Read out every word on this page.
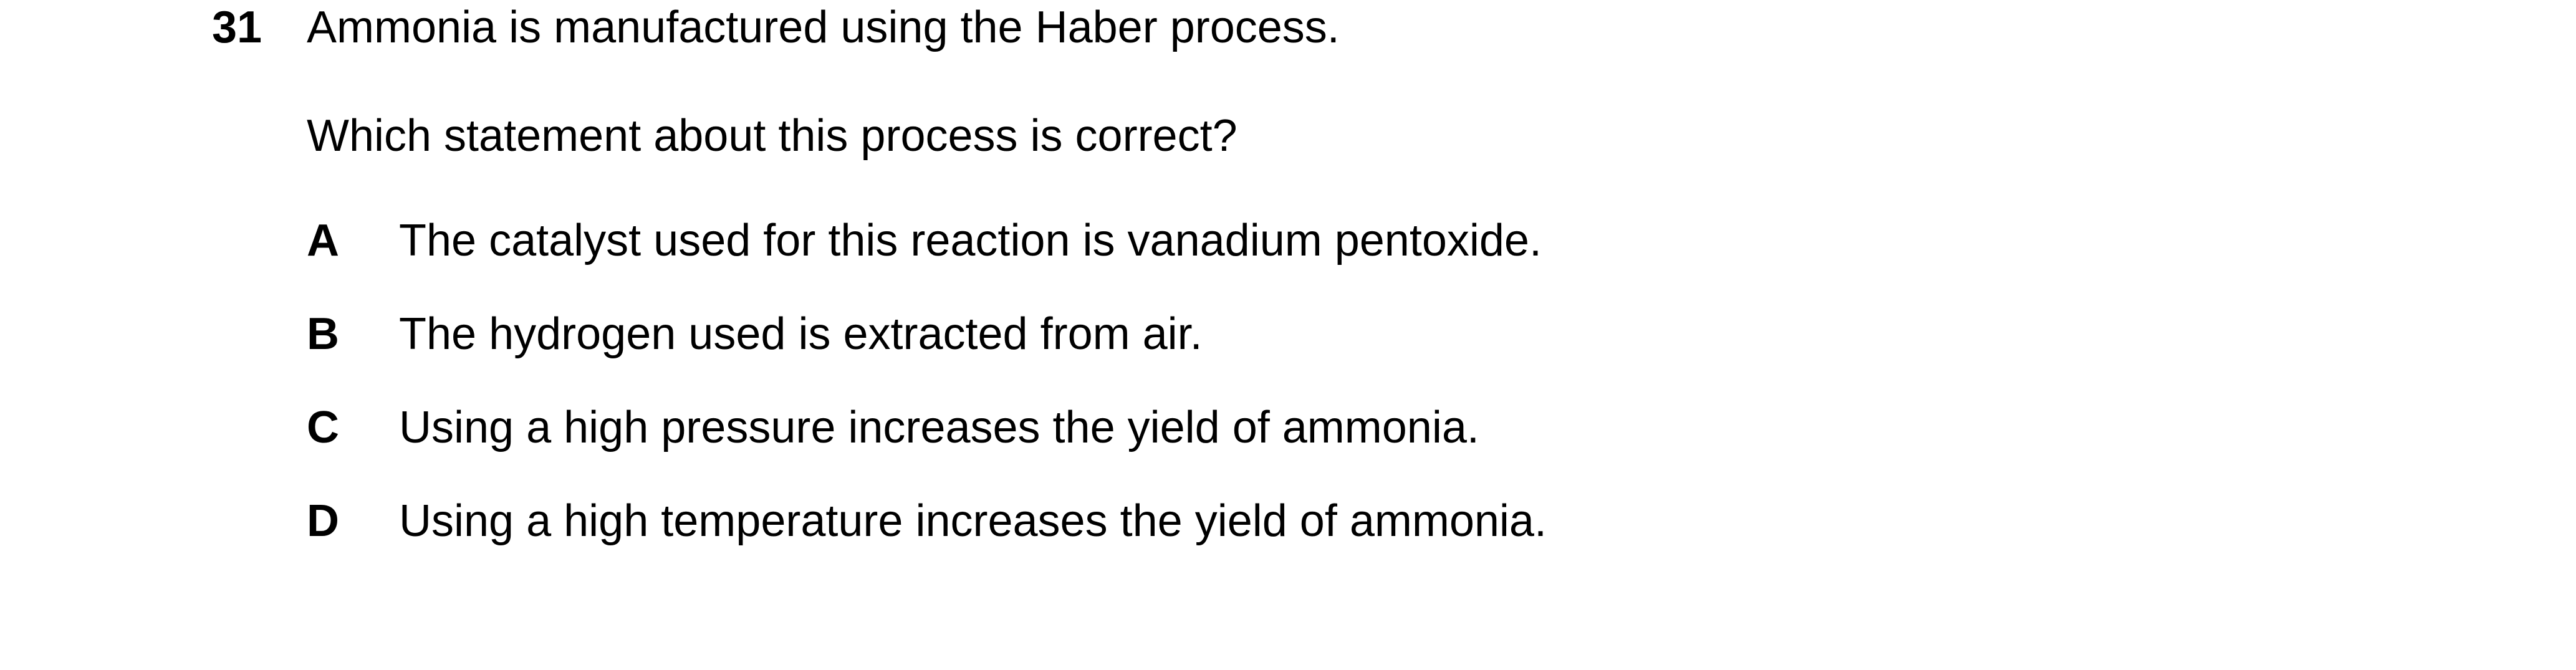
31 Ammonia is manufactured using the Haber process.
Which statement about this process is correct?
A	The catalyst used for this reaction is vanadium pentoxide.
B	The hydrogen used is extracted from air.
C	Using a high pressure increases the yield of ammonia.
D	Using a high temperature increases the yield of ammonia.
